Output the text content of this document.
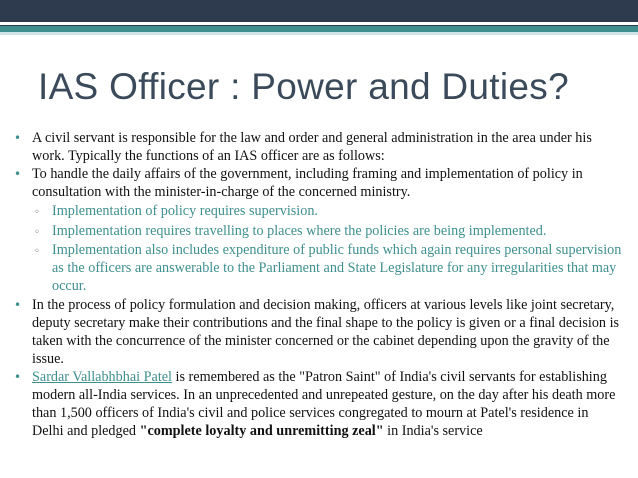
IAS Officer : Power and Duties?

• A civil servant is responsible for the law and order and general administration in the area under his work. Typically the functions of an IAS officer are as follows:

• To handle the daily affairs of the government, including framing and implementation of policy in consultation with the minister-in-charge of the concerned ministry.

◦ Implementation of policy requires supervision.

◦ Implementation requires travelling to places where the policies are being implemented.

◦ Implementation also includes expenditure of public funds which again requires personal supervision as the officers are answerable to the Parliament and State Legislature for any irregularities that may occur.

• In the process of policy formulation and decision making, officers at various levels like joint secretary, deputy secretary make their contributions and the final shape to the policy is given or a final decision is taken with the concurrence of the minister concerned or the cabinet depending upon the gravity of the issue.

• Sardar Vallabhbhai Patel is remembered as the "Patron Saint" of India's civil servants for establishing modern all-India services. In an unprecedented and unrepeated gesture, on the day after his death more than 1,500 officers of India's civil and police services congregated to mourn at Patel's residence in Delhi and pledged "complete loyalty and unremitting zeal" in India's service
